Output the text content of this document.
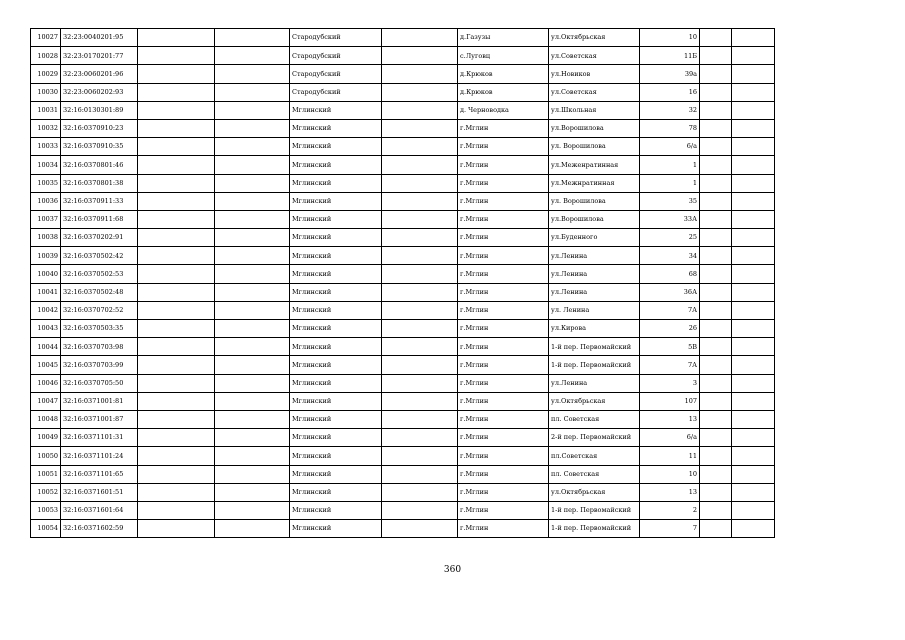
10027	32:23:0040201:95			Стародубский		д.Газузы	ул.Октябрьская	10		
10028	32:23:0170201:77			Стародубский		с.Луговц	ул.Советская	11Б		
10029	32:23:0060201:96			Стародубский		д.Крюков	ул.Новиков	39а		
10030	32:23:0060202:93			Стародубский		д.Крюков	ул.Советская	16		
10031	32:16:0130301:89			Мглинский		д. Черноводка	ул.Школьная	32		
10032	32:16:0370910:23			Мглинский		г.Мглин	ул.Ворошилова	78		
10033	32:16:0370910:35			Мглинский		г.Мглин	ул. Ворошилова	6/а		
10034	32:16:0370801:46			Мглинский		г.Мглин	ул.Меженратинная	1		
10035	32:16:0370801:38			Мглинский		г.Мглин	ул.Межнратинная	1		
10036	32:16:0370911:33			Мглинский		г.Мглин	ул. Ворошилова	35		
10037	32:16:0370911:68			Мглинский		г.Мглин	ул.Ворошилова	33А		
10038	32:16:0370202:91			Мглинский		г.Мглин	ул.Буденного	25		
10039	32:16:0370502:42			Мглинский		г.Мглин	ул.Ленина	34		
10040	32:16:0370502:53			Мглинский		г.Мглин	ул.Ленина	68		
10041	32:16:0370502:48			Мглинский		г.Мглин	ул.Ленина	36А		
10042	32:16:0370702:52			Мглинский		г.Мглин	ул. Ленина	7А		
10043	32:16:0370503:35			Мглинский		г.Мглин	ул.Кирова	26		
10044	32:16:0370703:98			Мглинский		г.Мглин	1-й пер. Первомайский	5В		
10045	32:16:0370703:99			Мглинский		г.Мглин	1-й пер. Первомайский	7А		
10046	32:16:0370705:50			Мглинский		г.Мглин	ул.Ленина	3		
10047	32:16:0371001:81			Мглинский		г.Мглин	ул.Октябрьская	107		
10048	32:16:0371001:87			Мглинский		г.Мглин	пл. Советская	13		
10049	32:16:0371101:31			Мглинский		г.Мглин	2-й пер. Первомайский	6/а		
10050	32:16:0371101:24			Мглинский		г.Мглин	пл.Советская	11		
10051	32:16:0371101:65			Мглинский		г.Мглин	пл. Советская	10		
10052	32:16:0371601:51			Мглинский		г.Мглин	ул.Октябрьская	13		
10053	32:16:0371601:64			Мглинский		г.Мглин	1-й пер. Первомайский	2		
10054	32:16:0371602:59			Мглинский		г.Мглин	1-й пер. Первомайский	7		
360
